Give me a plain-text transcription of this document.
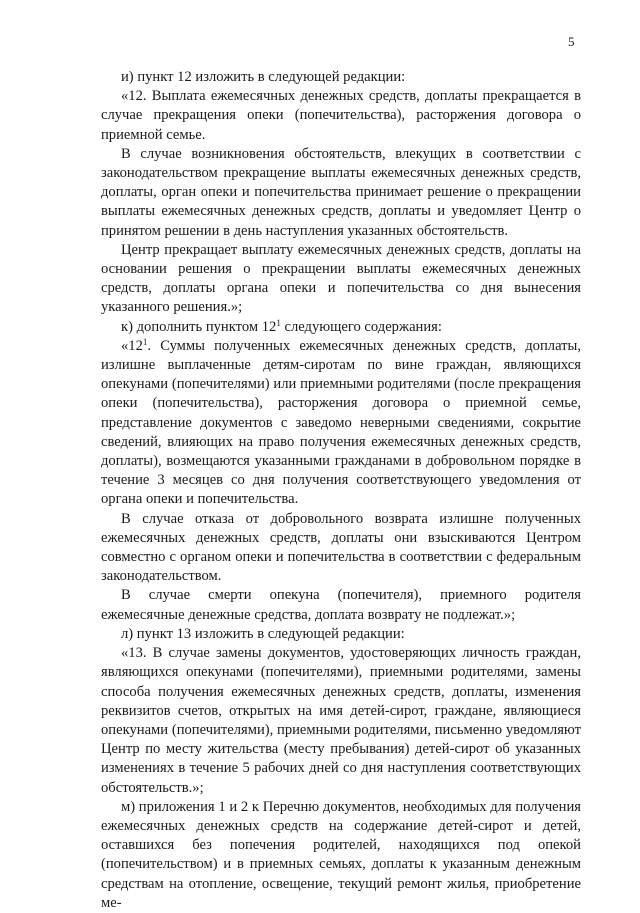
5

и) пункт 12 изложить в следующей редакции:

«12. Выплата ежемесячных денежных средств, доплаты прекращается в случае прекращения опеки (попечительства), расторжения договора о приемной семье.

В случае возникновения обстоятельств, влекущих в соответствии с законодательством прекращение выплаты ежемесячных денежных средств, доплаты, орган опеки и попечительства принимает решение о прекращении выплаты ежемесячных денежных средств, доплаты и уведомляет Центр о принятом решении в день наступления указанных обстоятельств.

Центр прекращает выплату ежемесячных денежных средств, доплаты на основании решения о прекращении выплаты ежемесячных денежных средств, доплаты органа опеки и попечительства со дня вынесения указанного решения.»;

к) дополнить пунктом $12^1$ следующего содержания:

«$12^1$. Суммы полученных ежемесячных денежных средств, доплаты, излишне выплаченные детям-сиротам по вине граждан, являющихся опекунами (попечителями) или приемными родителями (после прекращения опеки (попечительства), расторжения договора о приемной семье, представление документов с заведомо неверными сведениями, сокрытие сведений, влияющих на право получения ежемесячных денежных средств, доплаты), возмещаются указанными гражданами в добровольном порядке в течение 3 месяцев со дня получения соответствующего уведомления от органа опеки и попечительства.

В случае отказа от добровольного возврата излишне полученных ежемесячных денежных средств, доплаты они взыскиваются Центром совместно с органом опеки и попечительства в соответствии с федеральным законодательством.

В случае смерти опекуна (попечителя), приемного родителя ежемесячные денежные средства, доплата возврату не подлежат.»;

л) пункт 13 изложить в следующей редакции:

«13. В случае замены документов, удостоверяющих личность граждан, являющихся опекунами (попечителями), приемными родителями, замены способа получения ежемесячных денежных средств, доплаты, изменения реквизитов счетов, открытых на имя детей-сирот, граждане, являющиеся опекунами (попечителями), приемными родителями, письменно уведомляют Центр по месту жительства (месту пребывания) детей-сирот об указанных изменениях в течение 5 рабочих дней со дня наступления соответствующих обстоятельств.»;

м) приложения 1 и 2 к Перечню документов, необходимых для получения ежемесячных денежных средств на содержание детей-сирот и детей, оставшихся без попечения родителей, находящихся под опекой (попечительством) и в приемных семьях, доплаты к указанным денежным средствам на отопление, освещение, текущий ремонт жилья, приобретение ме-
